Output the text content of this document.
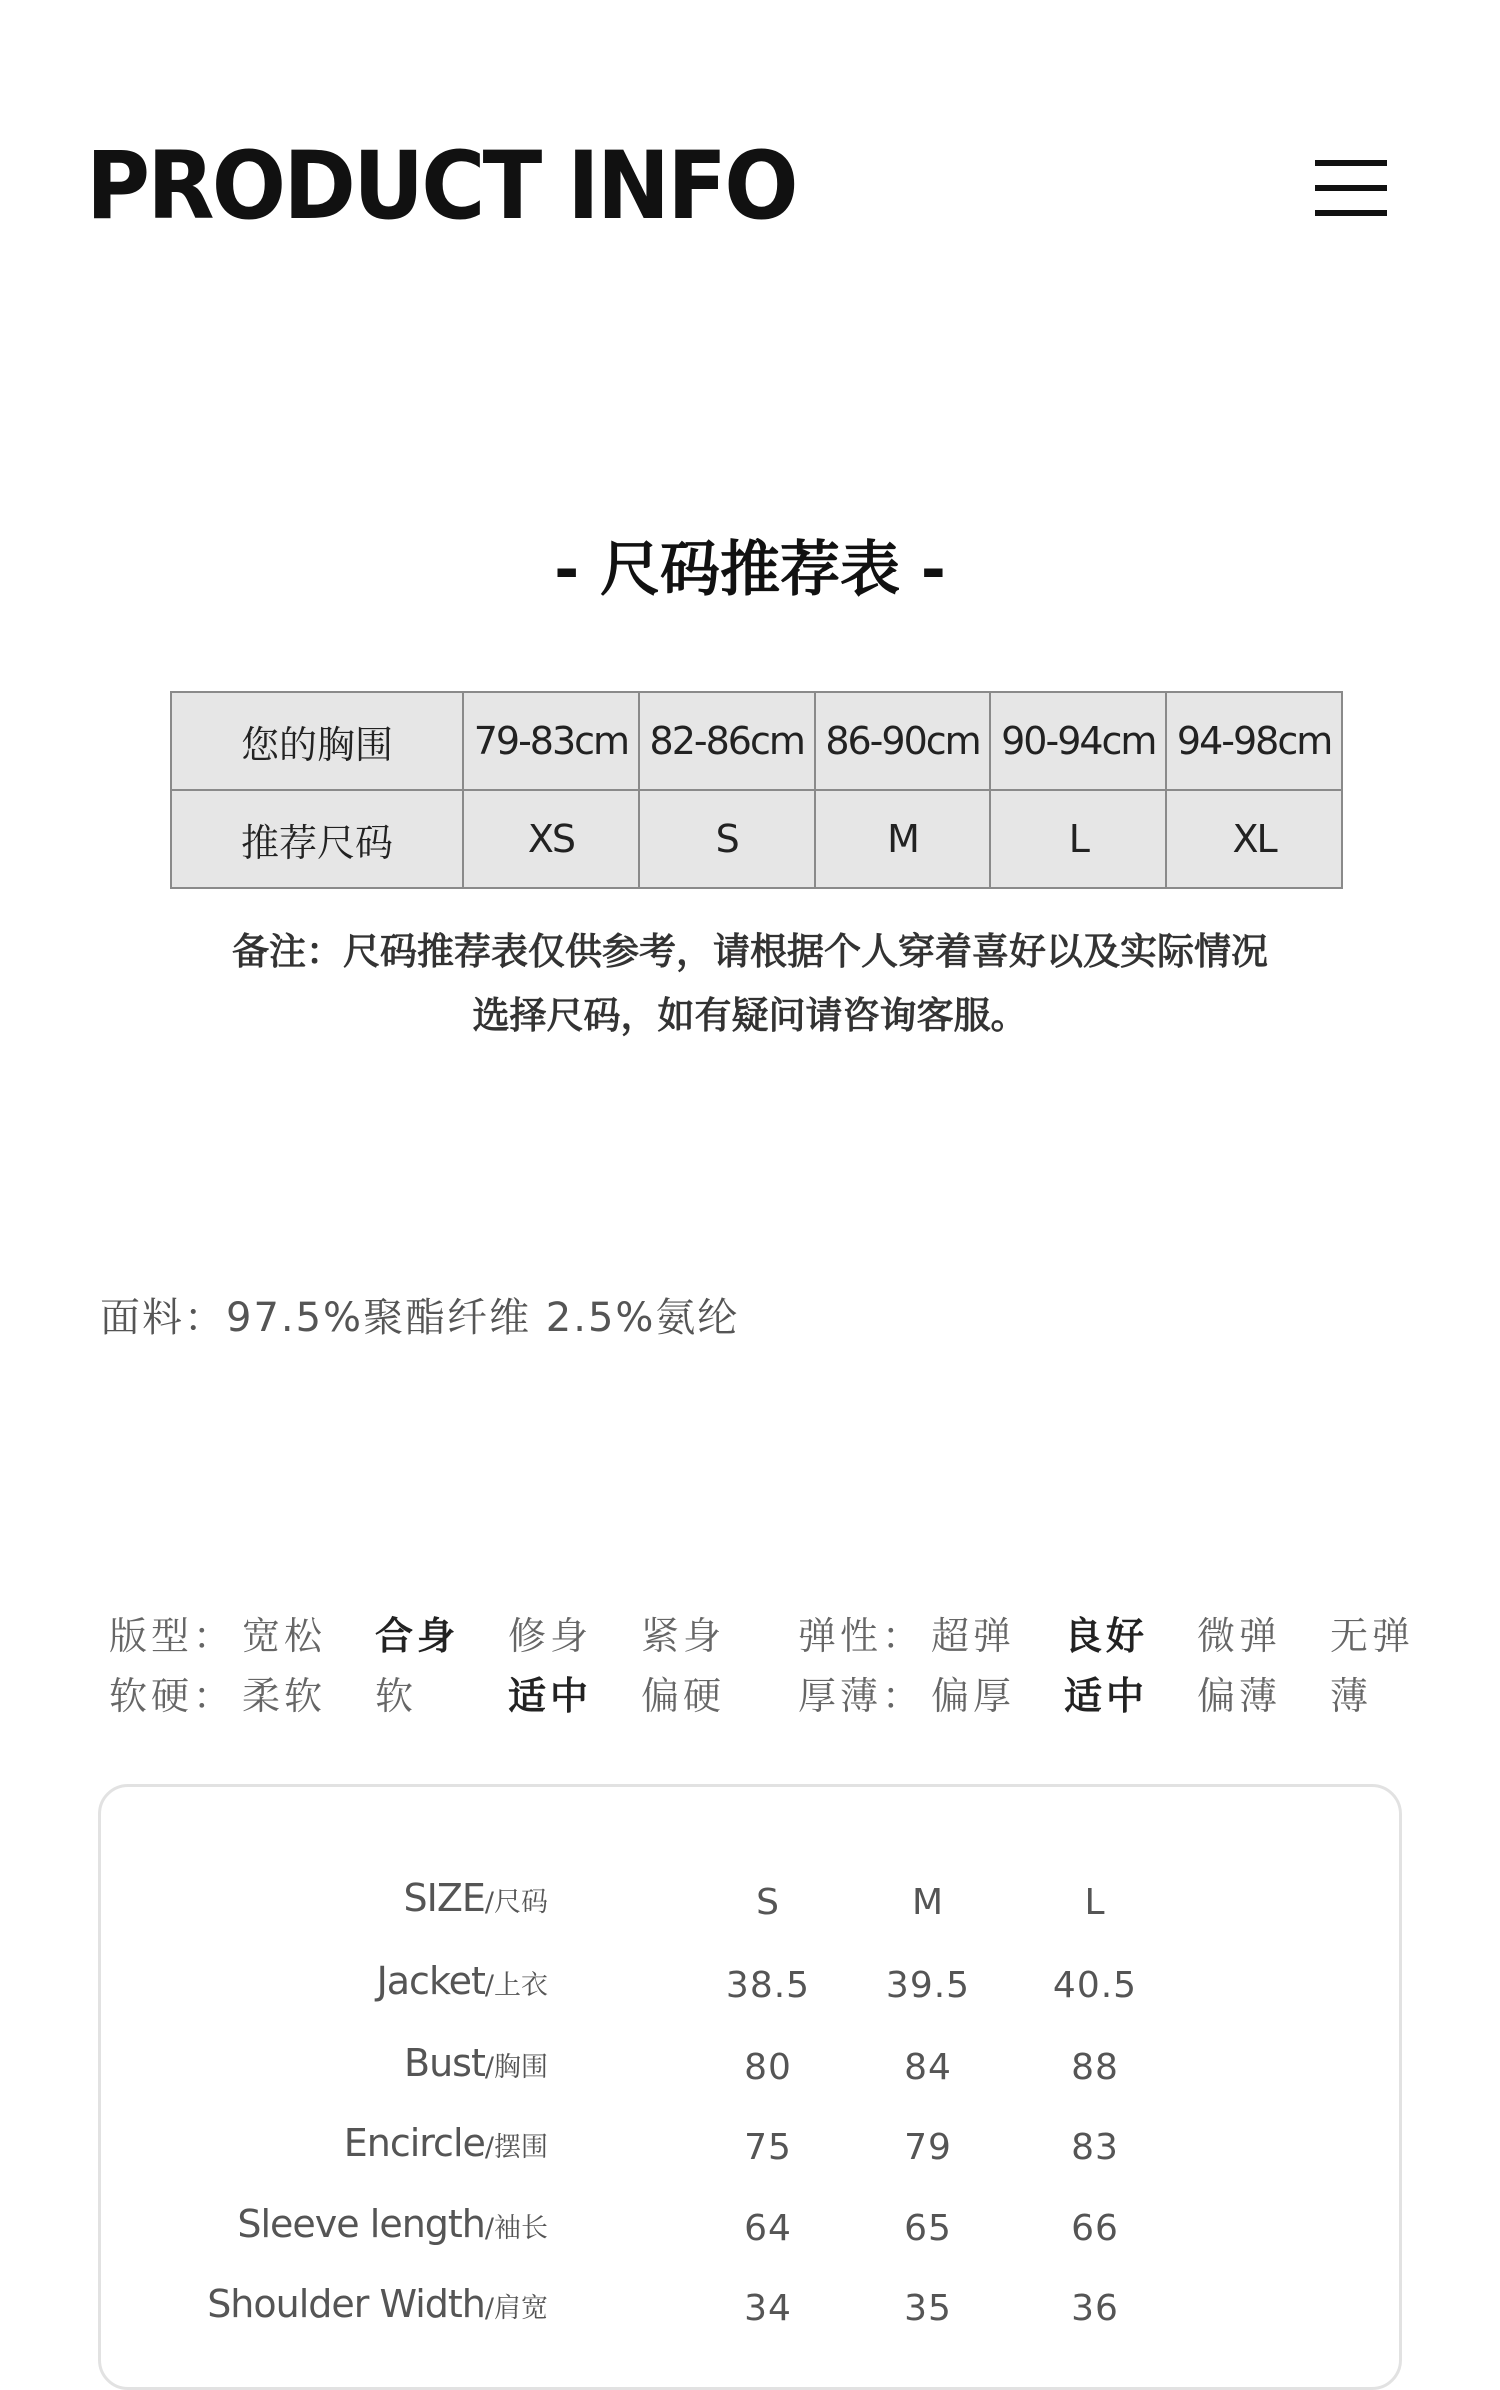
PRODUCT INFO
- 尺码推荐表 -
您的胸围	79-83cm	82-86cm	86-90cm	90-94cm	94-98cm
推荐尺码	XS	S	M	L	XL
备注：尺码推荐表仅供参考，请根据个人穿着喜好以及实际情况
选择尺码，如有疑问请咨询客服。
面料：97.5%聚酯纤维 2.5%氨纶
版型： 宽松 合身 修身 紧身 弹性： 超弹 良好 微弹 无弹
软硬： 柔软 软 适中 偏硬 厚薄： 偏厚 适中 偏薄 薄
SIZE/尺码	S	M	L
Jacket/上衣	38.5	39.5	40.5
Bust/胸围	80	84	88
Encircle/摆围	75	79	83
Sleeve length/袖长	64	65	66
Shoulder Width/肩宽	34	35	36
